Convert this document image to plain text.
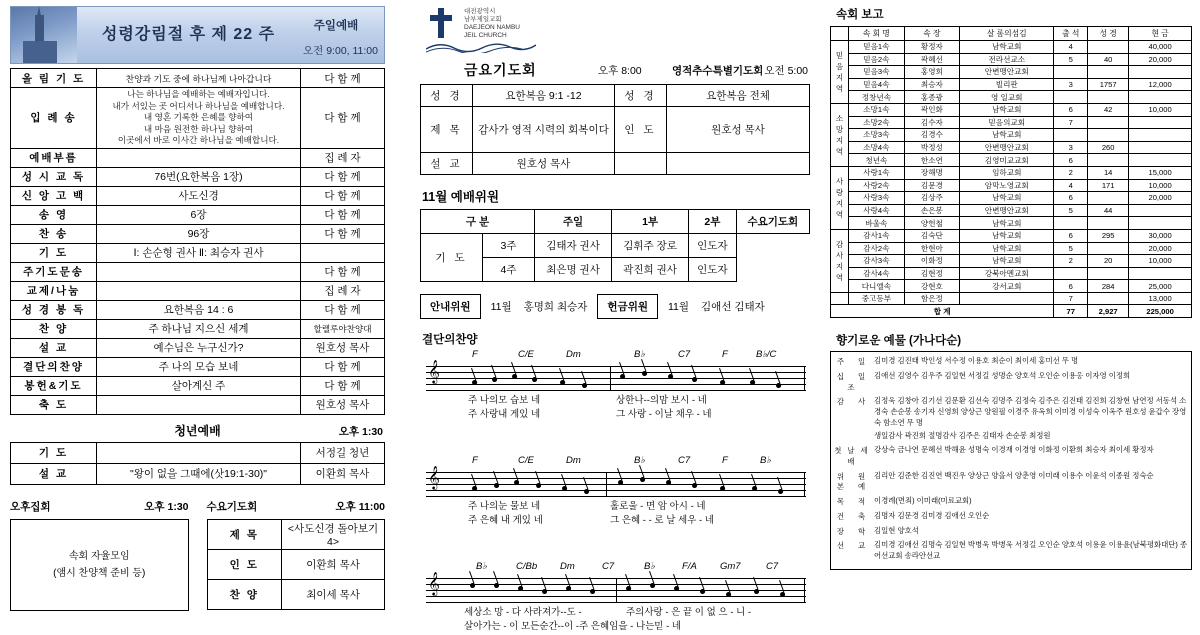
성령강림절 후 제 22 주	주일예배
오전 9:00, 11:00
올 림 기 도	찬양과 기도 중에 하나님께 나아갑니다	다 함 께
입 례 송	나는 하나님을 예배하는 예배자입니다.
내가 서있는 곳 어디서나 하나님을 예배합니다.
내 영혼 기록한 은혜를 향하여
내 마음 원전한 하나님 향하여
이곳에서 바로 이사간 하나님을 예배합니다.	다 함 께
예배부름		집 례 자
성 시 교 독	76번(요한복음 1장)	다 함 께
신 앙 고 백	사도신경	다 함 께
송 영	6장	다 함 께
찬 송	96장	다 함 께
기 도	Ⅰ: 손순형 권사 Ⅱ: 최승자 권사	
주기도문송		다 함 께
교제/나눔		집 례 자
성 경 봉 독	요한복음 14 : 6	다 함 께
찬 양	주 하나님 지으신 세계	할렐루야찬양대
설 교	예수님은 누구신가?	원호성 목사
결단의찬양	주 나의 모습 보네	다 함 께
봉헌&기도	살아계신 주	다 함 께
축 도		원호성 목사
청년예배	오후 1:30
기 도		서정길 청년
설 교	"왕이 없을 그때에(삿19:1-30)"	이환희 목사
오후집회	오후 1:30
속회 자율모임
(앰시 찬양책 준비 등)
수요기도회	오후 11:00
제 목	<사도신경 돌아보기4>
인 도	이환희 목사
찬 양	최이세 목사
대전광역시
남부제일교회
DAEJEON NAMBU
JEIL CHURCH
금요기도회	오후 8:00	영적추수특별기도회 오전 5:00
성 경	요한복음 9:1 -12	성 경	요한복음 전체
제 목	감사가 영적 시력의 회복이다	인 도	원호성 목사
설 교	원호성 목사		
11월 예배위원
구 분		주일	1부	2부	수요기도회
기 도	3주	김태자 권사	김휘주 장로	인도자	
	4주	최은명 권사	곽진희 권사	인도자	
안내위원	11월 홍명희 최승자	헌금위원	11월 김애선 김태자
결단의찬양
F	C/E	Dm	B♭	C7	F	B♭/C
𝄞
주 나의모 습보 네	상한나--의맘 보시 - 네
주 사랑내 게있 네	그 사랑 - 이날 채우 - 네
F	C/E	Dm	B♭	C7	F	B♭
𝄞
주 나의눈 물보 네	홀로울 - 면 암 아시 - 네
주 은혜 내 게있 네	그 은혜 - - 로 날 세우 - 네
B♭	C/Bb Dm	C7	B♭	F/A Gm7	C7
𝄞
세상소 망 - 다 사라져가--도 -	주의사랑 - 은 끝 이 없 으 - 니 -
살아가는 - 이 모든순간--이 -주 은혜임을 - 나는믿 - 네
속회 보고
	속 회 명	속 장	살 롬의섬김	출 석	성 경	현 금

믿음지역	믿음1속	황정자	남학교회	4		40,000
	믿음2속	곽혜선	전라선교소	5	40	20,000
	믿음3속	홍영희	안변맹안교회			
	믿음4속	최승자	빌리판	3	1757	12,000
	정창년속	홍종광	영 일교회			

소망지역	소망1속	곽인화	남학교회	6	42	10,000
	소망2속	김수자	믿음의교회	7		
	소망3속	김경수	남학교회			
	소망4속	박정성	안변맹안교회	3	260	
	청년속	한소연	김영미교교회	6		

사랑지역	사랑1속	장해명	임하교회	2	14	15,000
	사랑2속	김문경	암막노영교회	4	171	10,000
	사랑3속	김상주	남학교회	6		20,000
	사랑4속	손은봉	안변맹안교회	5	44	
	바울속	양헌철	남학교회			

감사지역	감사1속	김숙단	남학교회	6	295	30,000
	감사2속	한현아	남학교회	5		20,000
	감사3속	이화정	남학교회	2	20	10,000
	감사4속	김현정	강북아멘교회			
	다니엘속	강현호	강서교회	6	284	25,000
	중고등부	함은정		7		13,000
합 계				77	2,927	225,000
향기로운 예물 (가나다순)
주 일 김미경 김진태 박인성 서수정 이용호 최순이 최이세 홍미선 무 명
십 일 조
김애선 김영수 김우주 김일현 서정길 성명순 양호석 오인순 이용옹 이자영 이정희
감 사 김정욱 김창아 김기선 김문환 김선숙 김명주 김정숙 김주은 김진태 김진희 김창현 남연정 서동석 소경숙 손순봉 송기자 신영희 양상근 양원필 이경주 유옥희 이미경 이성숙 이옥주 원호성 윤갑수 장영숙 함소연 무 명
생일감사 곽진희 절명감사 김주은 김태자 손순봉 최정원
첫날세배
강상숙 금나연 문혜선 박해윤 성명숙 이경재 이경영 이화정 이환희 최승자 최이세 황정자
위 원 본 예
김리안 김준한 김진연 백진우 양상근 양을서 양춘영 이미래 이용수 이윤석 이종원 정숙순
목 적 이경례(면죄) 이미래(미료교회)
건 축 김명자 김문경 김미경 김애선 오인순
장 학 김일현 양호석
선 교 김미경 김애선 김명숙 김일현 박병욱 박병욱 서정길 오인순 양호석 이용윤 이용윤(남북평화대단) 종어선교회 송라안선교
